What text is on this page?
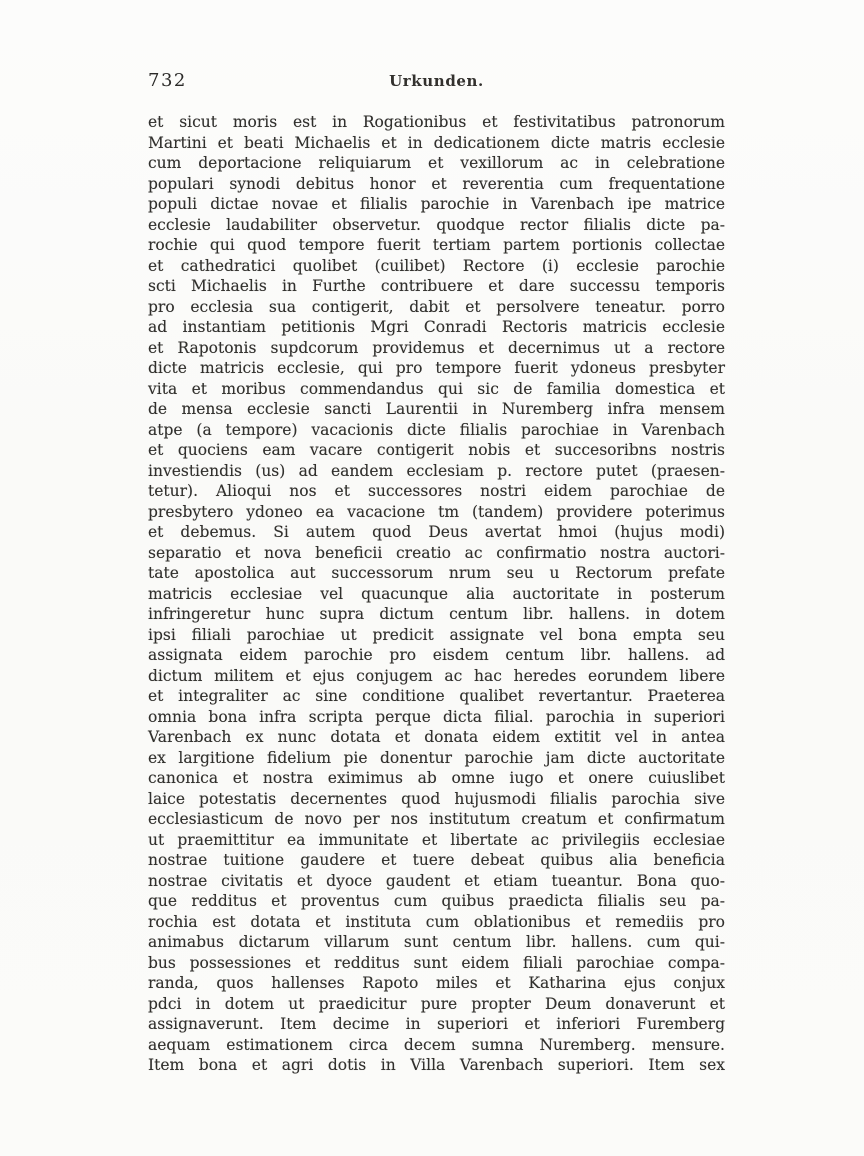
732	Urkunden.
et sicut moris est in Rogationibus et festivitatibus patronorum
Martini et beati Michaelis et in dedicationem dicte matris ecclesie
cum deportacione reliquiarum et vexillorum ac in celebratione
populari synodi debitus honor et reverentia cum frequentatione
populi dictae novae et filialis parochie in Varenbach ipe matrice
ecclesie laudabiliter observetur. quodque rector filialis dicte pa-
rochie qui quod tempore fuerit tertiam partem portionis collectae
et cathedratici quolibet (cuilibet) Rectore (i) ecclesie parochie
scti Michaelis in Furthe contribuere et dare successu temporis
pro ecclesia sua contigerit, dabit et persolvere teneatur. porro
ad instantiam petitionis Mgri Conradi Rectoris matricis ecclesie
et Rapotonis supdcorum providemus et decernimus ut a rectore
dicte matricis ecclesie, qui pro tempore fuerit ydoneus presbyter
vita et moribus commendandus qui sic de familia domestica et
de mensa ecclesie sancti Laurentii in Nuremberg infra mensem
atpe (a tempore) vacacionis dicte filialis parochiae in Varenbach
et quociens eam vacare contigerit nobis et succesoribns nostris
investiendis (us) ad eandem ecclesiam p. rectore putet (praesen-
tetur). Alioqui nos et successores nostri eidem parochiae de
presbytero ydoneo ea vacacione tm (tandem) providere poterimus
et debemus. Si autem quod Deus avertat hmoi (hujus modi)
separatio et nova beneficii creatio ac confirmatio nostra auctori-
tate apostolica aut successorum nrum seu u Rectorum prefate
matricis ecclesiae vel quacunque alia auctoritate in posterum
infringeretur hunc supra dictum centum libr. hallens. in dotem
ipsi filiali parochiae ut predicit assignate vel bona empta seu
assignata eidem parochie pro eisdem centum libr. hallens. ad
dictum militem et ejus conjugem ac hac heredes eorundem libere
et integraliter ac sine conditione qualibet revertantur. Praeterea
omnia bona infra scripta perque dicta filial. parochia in superiori
Varenbach ex nunc dotata et donata eidem extitit vel in antea
ex largitione fidelium pie donentur parochie jam dicte auctoritate
canonica et nostra eximimus ab omne iugo et onere cuiuslibet
laice potestatis decernentes quod hujusmodi filialis parochia sive
ecclesiasticum de novo per nos institutum creatum et confirmatum
ut praemittitur ea immunitate et libertate ac privilegiis ecclesiae
nostrae tuitione gaudere et tuere debeat quibus alia beneficia
nostrae civitatis et dyoce gaudent et etiam tueantur. Bona quo-
que redditus et proventus cum quibus praedicta filialis seu pa-
rochia est dotata et instituta cum oblationibus et remediis pro
animabus dictarum villarum sunt centum libr. hallens. cum qui-
bus possessiones et redditus sunt eidem filiali parochiae compa-
randa, quos hallenses Rapoto miles et Katharina ejus conjux
pdci in dotem ut praedicitur pure propter Deum donaverunt et
assignaverunt. Item decime in superiori et inferiori Furemberg
aequam estimationem circa decem sumna Nuremberg. mensure.
Item bona et agri dotis in Villa Varenbach superiori. Item sex
